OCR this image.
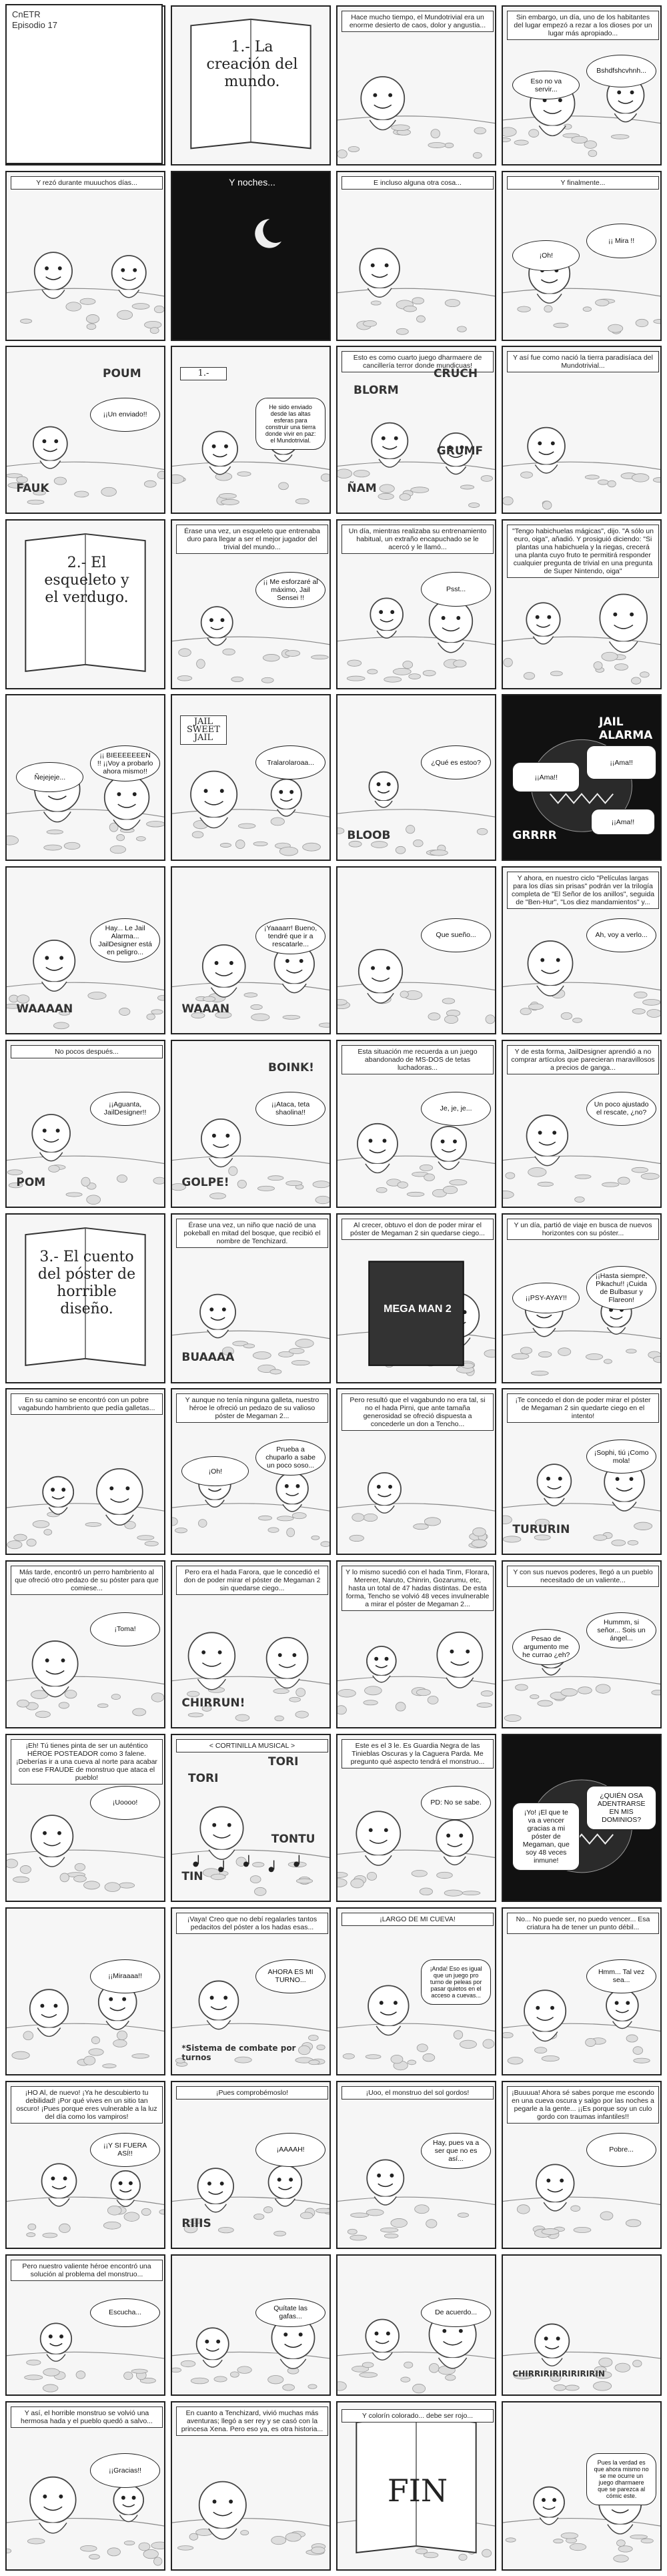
1.- La creación del mundo.
Hace mucho tiempo, el Mundotrivial era un enorme desierto de caos, dolor y angustia...
Sin embargo, un día, uno de los habitantes del lugar empezó a rezar a los dioses por un lugar más apropiado...
Bshdfshcvhnh...
Eso no va servir...
Y rezó durante muuuchos días...	Y noches...	E incluso alguna otra cosa...	Y finalmente...
¡¡ Mira !!
¡Oh!
¡¡Un enviado!!
FAUK
POUM	1.-
He sido enviado desde las altas esferas para construir una tierra donde vivir en paz: el Mundotrivial.
Esto es como cuarto juego dharmaere de cancillería terror donde mundicuas!
ÑAM
CRUCH
BLORM
GRUMF
Y así fue como nació la tierra paradisíaca del Mundotrivial...
2.- El esqueleto y el verdugo.
Érase una vez, un esqueleto que entrenaba duro para llegar a ser el mejor jugador del trivial del mundo...
¡¡ Me esforzaré al máximo, Jail Sensei !!
Un día, mientras realizaba su entrenamiento habitual, un extraño encapuchado se le acercó y le llamó...
Psst...
"Tengo habichuelas mágicas", dijo. "A sólo un euro, oiga", añadió. Y prosiguió diciendo: "Si plantas una habichuela y la riegas, crecerá una planta cuyo fruto te permitirá responder cualquier pregunta de trivial en una pregunta de Super Nintendo, oiga"
¡¡ BIEEEEEEEN !! ¡¡Voy a probarlo ahora mismo!!
Ñejejeje...
JAIL SWEET JAIL
Tralarolaroaa...	¿Qué es estoo?
BLOOB
¡¡Ama!!
¡¡Ama!!
¡¡Ama!!
GRRRR
JAIL ALARMA
Hay... Le Jail Alarma... JailDesigner está en peligro...
WAAAAN
¡Yaaaarr! Bueno, tendré que ir a rescatarle...
WAAAN
Que sueño...
Y ahora, en nuestro ciclo "Películas largas para los días sin prisas" podrán ver la trilogía completa de "El Señor de los anillos", seguida de "Ben-Hur", "Los diez mandamientos" y...
Ah, voy a verlo...
No pocos después...
¡¡Aguanta, JailDesigner!!
POM
¡¡Ataca, teta shaolina!!
GOLPE!
BOINK!
Esta situación me recuerda a un juego abandonado de MS-DOS de tetas luchadoras...
Je, je, je...
Y de esta forma, JailDesigner aprendió a no comprar artículos que parecieran maravillosos a precios de ganga...
Un poco ajustado el rescate, ¿no?
3.- El cuento del póster de horrible diseño.
Érase una vez, un niño que nació de una pokeball en mitad del bosque, que recibió el nombre de Tenchizard.
BUAAAA
Al crecer, obtuvo el don de poder mirar el póster de Megaman 2 sin quedarse ciego...
MEGA MAN 2
Y un día, partió de viaje en busca de nuevos horizontes con su póster...
¡¡Hasta siempre, Pikachu!! ¡Cuida de Bulbasur y Flareon!
¡¡PSY-AYAY!!
En su camino se encontró con un pobre vagabundo hambriento que pedía galletas...
Y aunque no tenía ninguna galleta, nuestro héroe le ofreció un pedazo de su valioso póster de Megaman 2...
Prueba a chuparlo a sabe un poco soso...
¡Oh!
Pero resultó que el vagabundo no era tal, si no el hada Pirni, que ante tamaña generosidad se ofreció dispuesta a concederle un don a Tencho...
¡Te concedo el don de poder mirar el póster de Megaman 2 sin quedarte ciego en el intento!
¡Sophi, tiú ¡Como mola!
TURURIN
Más tarde, encontró un perro hambriento al que ofreció otro pedazo de su póster para que comiese...
¡Toma!
Pero era el hada Farora, que le concedió el don de poder mirar el póster de Megaman 2 sin quedarse ciego...
CHIRRUN!
Y lo mismo sucedió con el hada Tinm, Florara, Mererer, Naruto, Chinrin, Gozarumu, etc, hasta un total de 47 hadas distintas. De esta forma, Tencho se volvió 48 veces invulnerable a mirar el póster de Megaman 2...
Y con sus nuevos poderes, llegó a un pueblo necesitado de un valiente...
Hummm, si señor... Sois un ángel...
Pesao de argumento me he currao ¿eh?
¡Eh! Tú tienes pinta de ser un auténtico HÉROE POSTEADOR como 3 falene. ¡Deberías ir a una cueva al norte para acabar con ese FRAUDE de monstruo que ataca el pueblo!
¡Uoooo!
< CORTINILLA MUSICAL >
TIN
TORI
TORI
TONTU
Este es el 3 le. Es Guardia Negra de las Tinieblas Oscuras y la Caguera Parda. Me pregunto qué aspecto tendrá el monstruo...
PD: No se sabe.
¿QUIÉN OSA ADENTRARSE EN MIS DOMINIOS?
¡Yo! ¡El que te va a vencer gracias a mi póster de Megaman, que soy 48 veces inmune!
¡¡Miraaaa!!
¡Vaya! Creo que no debí regalarles tantos pedacitos del póster a los hadas esas...
AHORA ES MI TURNO...
*Sistema de combate por turnos
¡LARGO DE MI CUEVA!
¡Anda! Eso es igual que un juego pro turno de peleas por pasar quietos en el acceso a cuevas...
No... No puede ser, no puedo vencer... Esa criatura ha de tener un punto débil...
Hmm... Tal vez sea...
¡HO Al, de nuevo! ¡Ya he descubierto tu debilidad! ¡Por qué vives en un sitio tan oscuro! ¡Pues porque eres vulnerable a la luz del día como los vampiros!
¡¡Y SI FUERA ASÍ!!
¡Pues comprobémoslo!
¡AAAAH!
RIIIS
¡Uoo, el monstruo del sol gordos!
Hay, pues va a ser que no es así...
¡Buuuua! Ahora sé sabes porque me escondo en una cueva oscura y salgo por las noches a pegarle a la gente... ¡¡Es porque soy un culo gordo con traumas infantiles!!
Pobre...
Pero nuestro valiente héroe encontró una solución al problema del monstruo...
Escucha...	Quítate las gafas...	De acuerdo...
CHIRRIRIRIRIRIRIRIN
Y así, el horrible monstruo se volvió una hermosa hada y el pueblo quedó a salvo...
¡¡Gracias!!
En cuanto a Tenchizard, vivió muchas más aventuras; llegó a ser rey y se casó con la princesa Xena. Pero eso ya, es otra historia...
FIN
Y colorín colorado... debe ser rojo...
Pues la verdad es que ahora mismo no se me ocurre un juego dharmaere que se parezca al cómic este.
CnETR
Episodio 17
